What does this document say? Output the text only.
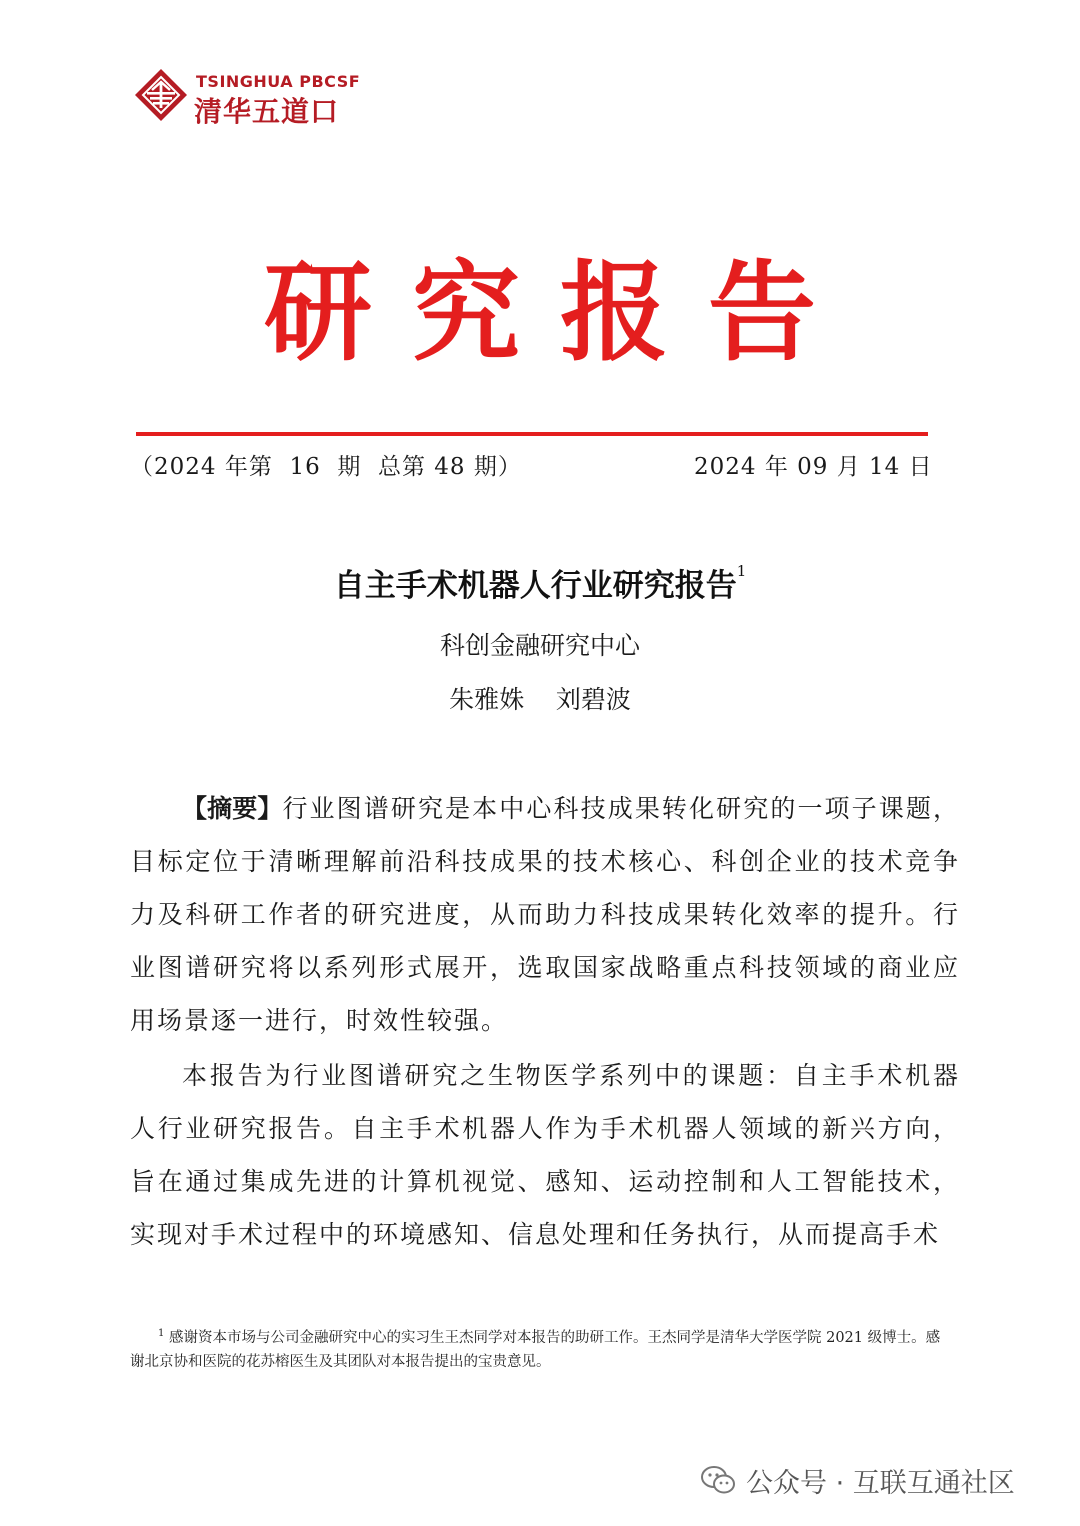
TSINGHUA PBCSF
清华五道口
研究报告
（2024 年第  16  期  总第 48 期）	2024 年 09 月 14 日
自主手术机器人行业研究报告$^1$
科创金融研究中心
朱雅姝    刘碧波
【摘要】行业图谱研究是本中心科技成果转化研究的一项子课题，目标定位于清晰理解前沿科技成果的技术核心、科创企业的技术竞争力及科研工作者的研究进度，从而助力科技成果转化效率的提升。行业图谱研究将以系列形式展开，选取国家战略重点科技领域的商业应用场景逐一进行，时效性较强。
本报告为行业图谱研究之生物医学系列中的课题：自主手术机器人行业研究报告。自主手术机器人作为手术机器人领域的新兴方向，旨在通过集成先进的计算机视觉、感知、运动控制和人工智能技术，实现对手术过程中的环境感知、信息处理和任务执行，从而提高手术
$^1$ 感谢资本市场与公司金融研究中心的实习生王杰同学对本报告的助研工作。王杰同学是清华大学医学院 2021 级博士。感谢北京协和医院的花苏榕医生及其团队对本报告提出的宝贵意见。
公众号 · 互联互通社区
